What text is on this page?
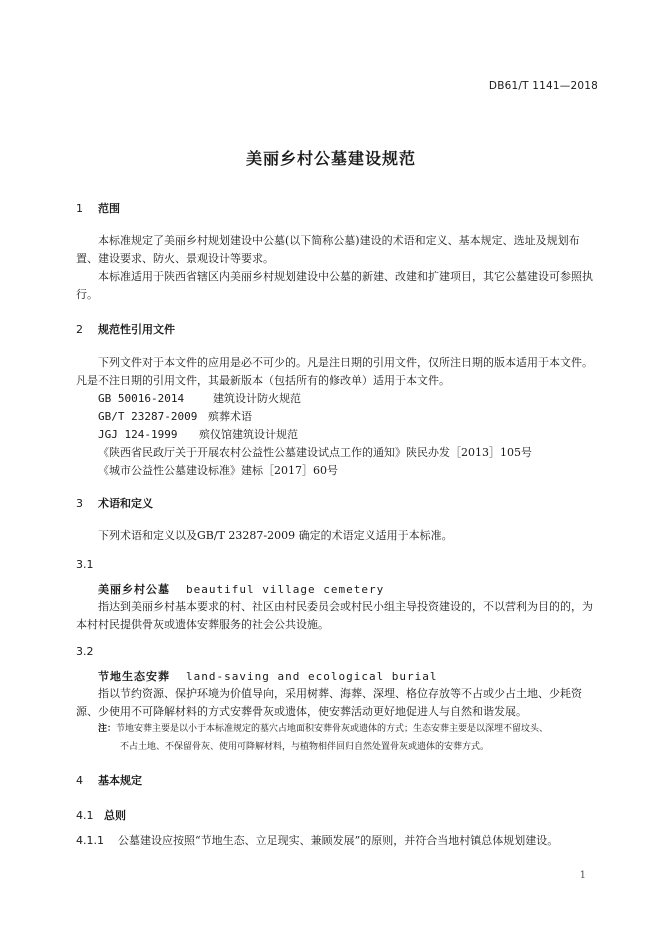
DB61/T 1141—2018
美丽乡村公墓建设规范
1 范围
本标准规定了美丽乡村规划建设中公墓(以下简称公墓)建设的术语和定义、基本规定、选址及规划布置、建设要求、防火、景观设计等要求。
本标准适用于陕西省辖区内美丽乡村规划建设中公墓的新建、改建和扩建项目，其它公墓建设可参照执行。
2 规范性引用文件
下列文件对于本文件的应用是必不可少的。凡是注日期的引用文件，仅所注日期的版本适用于本文件。凡是不注日期的引用文件，其最新版本（包括所有的修改单）适用于本文件。
GB 50016-2014	建筑设计防火规范
GB/T 23287-2009 殡葬术语
JGJ 124-1999 殡仪馆建筑设计规范
《陕西省民政厅关于开展农村公益性公墓建设试点工作的通知》陕民办发［2013］105号
《城市公益性公墓建设标准》建标［2017］60号
3 术语和定义
下列术语和定义以及GB/T 23287-2009 确定的术语定义适用于本标准。
3.1
美丽乡村公墓 beautiful village cemetery
指达到美丽乡村基本要求的村、社区由村民委员会或村民小组主导投资建设的，不以营利为目的的，为本村村民提供骨灰或遗体安葬服务的社会公共设施。
3.2
节地生态安葬 land-saving and ecological burial
指以节约资源、保护环境为价值导向，采用树葬、海葬、深埋、格位存放等不占或少占土地、少耗资源、少使用不可降解材料的方式安葬骨灰或遗体，使安葬活动更好地促进人与自然和谐发展。
注：节地安葬主要是以小于本标准规定的墓穴占地面积安葬骨灰或遗体的方式；生态安葬主要是以深埋不留坟头、
不占土地、不保留骨灰、使用可降解材料，与植物相伴回归自然处置骨灰或遗体的安葬方式。
4 基本规定
4.1 总则
4.1.1 公墓建设应按照“节地生态、立足现实、兼顾发展”的原则，并符合当地村镇总体规划建设。
1
